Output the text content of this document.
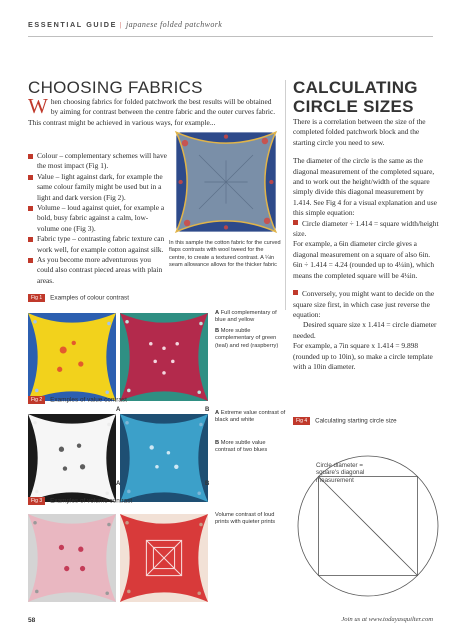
ESSENTIAL GUIDE | japanese folded patchwork
CHOOSING FABRICS	CALCULATING
CIRCLE SIZES
When choosing fabrics for folded patchwork the best results will be obtained by aiming for contrast between the centre fabric and the outer curves fabric. This contrast might be achieved in various ways, for example...
Colour – complementary schemes will have the most impact (Fig 1).
Value – light against dark, for example the same colour family might be used but in a light and dark version (Fig 2).
Volume – loud against quiet, for example a bold, busy fabric against a calm, low-volume one (Fig 3).
Fabric type – contrasting fabric texture can work well, for example cotton against silk.
As you become more adventurous you could also contrast pieced areas with plain areas.
In this sample the cotton fabric for the curved flaps contrasts with wool tweed for the centre, to create a textured contrast. A ¼in seam allowance allows for the thicker fabric

There is a correlation between the size of the completed folded patchwork block and the starting circle you need to sew.

The diameter of the circle is the same as the diagonal measurement of the completed square, and to work out the height/width of the square simply divide this diagonal measurement by 1.414. See Fig 4 for a visual explanation and use this simple equation:
Circle diameter ÷ 1.414 = square width/height size.
For example, a 6in diameter circle gives a diagonal measurement on a square of also 6in.
6in ÷ 1.414 = 4.24 (rounded up to 4¼in), which means the completed square will be 4¼in.

Conversely, you might want to decide on the square size first, in which case just reverse the equation:
Desired square size x 1.414 = circle diameter needed.
For example, a 7in square x 1.414 = 9.898 (rounded up to 10in), so make a circle template with a 10in diameter.

Fig 1 Examples of colour contrast
A	B
A Full complementary of blue and yellow
B More subtle complementary of green (teal) and red (raspberry)
Fig 2 Examples of value contrast
A	B
A Extreme value contrast of black and white
B More subtle value contrast of two blues
Fig 3 Examples of volume contrast
Volume contrast of loud prints with quieter prints
Fig 4 Calculating starting circle size
Circle diameter = square's diagonal measurement
58	Join us at www.todayasquilter.com
